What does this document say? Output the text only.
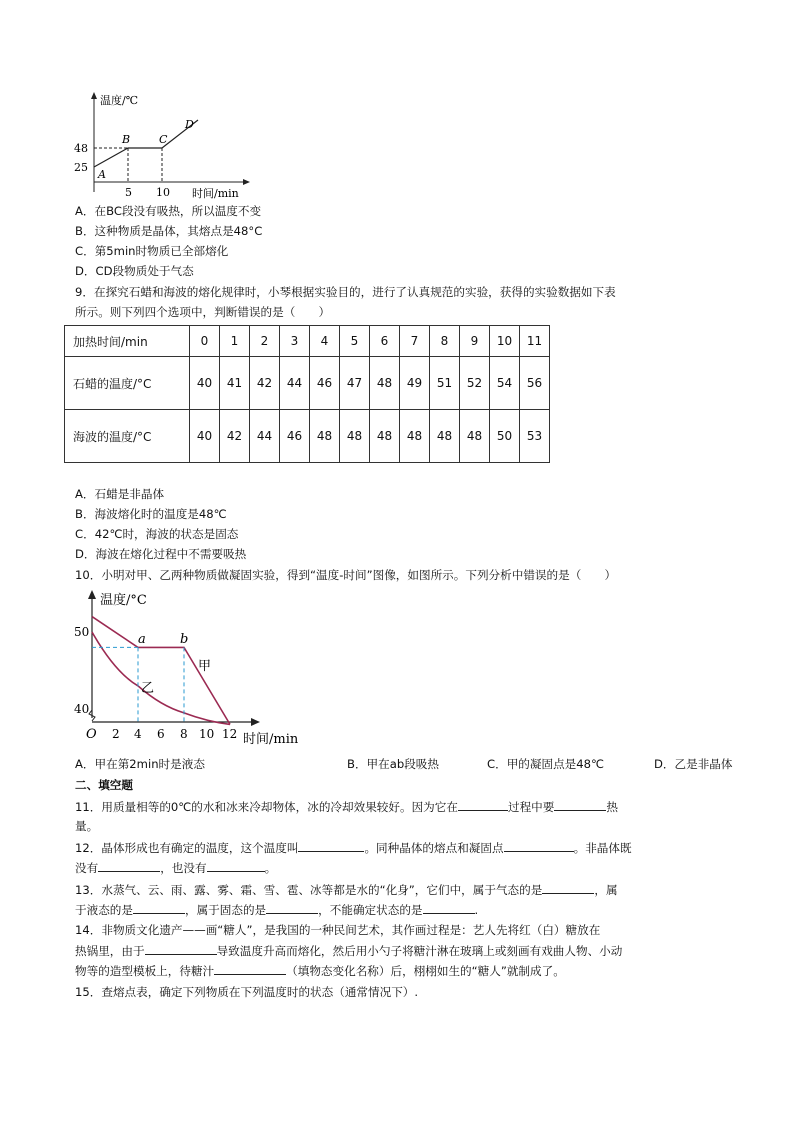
温度/℃
48
25
5 10 时间/min
A
B	C
D
A．在BC段没有吸热，所以温度不变
B．这种物质是晶体，其熔点是48°C
C．第5min时物质已全部熔化
D．CD段物质处于气态
9．在探究石蜡和海波的熔化规律时，小琴根据实验目的，进行了认真规范的实验，获得的实验数据如下表
所示。则下列四个选项中，判断错误的是（　　）
加热时间/min	0	1	2	3	4	5	6	7	8	9	10	11
石蜡的温度/°C	40	41	42	44	46	47	48	49	51	52	54	56
海波的温度/°C	40	42	44	46	48	48	48	48	48	48	50	53
A．石蜡是非晶体
B．海波熔化时的温度是48℃
C．42℃时，海波的状态是固态
D．海波在熔化过程中不需要吸热
10．小明对甲、乙两种物质做凝固实验，得到“温度-时间”图像，如图所示。下列分析中错误的是（　　）
温度/°C
50
40
O 2 4 6 8 10 12 时间/min
a	b
甲
乙
A．甲在第2min时是液态	B．甲在ab段吸热	C．甲的凝固点是48℃	D．乙是非晶体
二、填空题
11．用质量相等的0℃的水和冰来冷却物体，冰的冷却效果较好。因为它在	过程中要	热
量。
12．晶体形成也有确定的温度，这个温度叫	。同种晶体的熔点和凝固点	。非晶体既
没有	，也没有	。
13．水蒸气、云、雨、露、雾、霜、雪、雹、冰等都是水的“化身”，它们中，属于气态的是	，属
于液态的是	，属于固态的是	，不能确定状态的是	.
14．非物质文化遗产——画“糖人”，是我国的一种民间艺术，其作画过程是：艺人先将红（白）糖放在
热锅里，由于	导致温度升高而熔化，然后用小勺子将糖汁淋在玻璃上或刻画有戏曲人物、小动
物等的造型模板上，待糖汁	（填物态变化名称）后，栩栩如生的“糖人”就制成了。
15．查熔点表，确定下列物质在下列温度时的状态（通常情况下）.
